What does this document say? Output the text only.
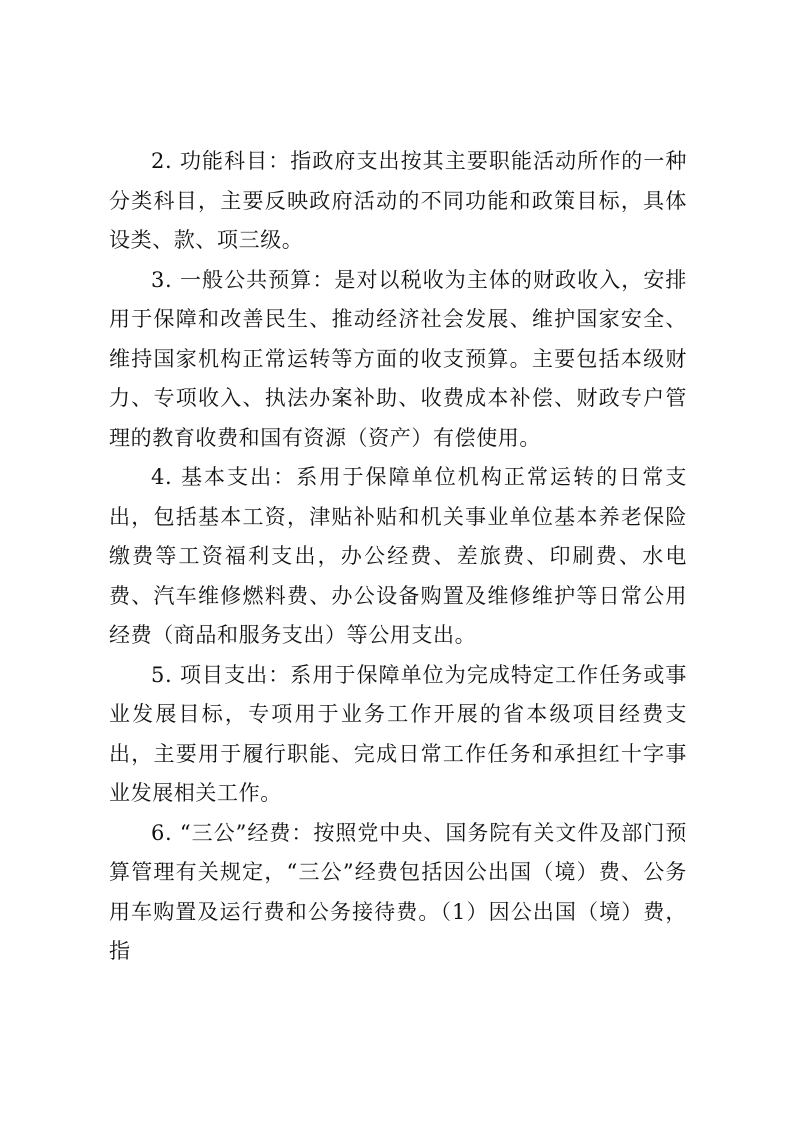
2. 功能科目：指政府支出按其主要职能活动所作的一种分类科目，主要反映政府活动的不同功能和政策目标，具体设类、款、项三级。

3. 一般公共预算：是对以税收为主体的财政收入，安排用于保障和改善民生、推动经济社会发展、维护国家安全、维持国家机构正常运转等方面的收支预算。主要包括本级财力、专项收入、执法办案补助、收费成本补偿、财政专户管理的教育收费和国有资源（资产）有偿使用。

4. 基本支出：系用于保障单位机构正常运转的日常支出，包括基本工资，津贴补贴和机关事业单位基本养老保险缴费等工资福利支出，办公经费、差旅费、印刷费、水电费、汽车维修燃料费、办公设备购置及维修维护等日常公用经费（商品和服务支出）等公用支出。

5. 项目支出：系用于保障单位为完成特定工作任务或事业发展目标，专项用于业务工作开展的省本级项目经费支出，主要用于履行职能、完成日常工作任务和承担红十字事业发展相关工作。

6. “三公”经费：按照党中央、国务院有关文件及部门预算管理有关规定，“三公”经费包括因公出国（境）费、公务用车购置及运行费和公务接待费。（1）因公出国（境）费，指
